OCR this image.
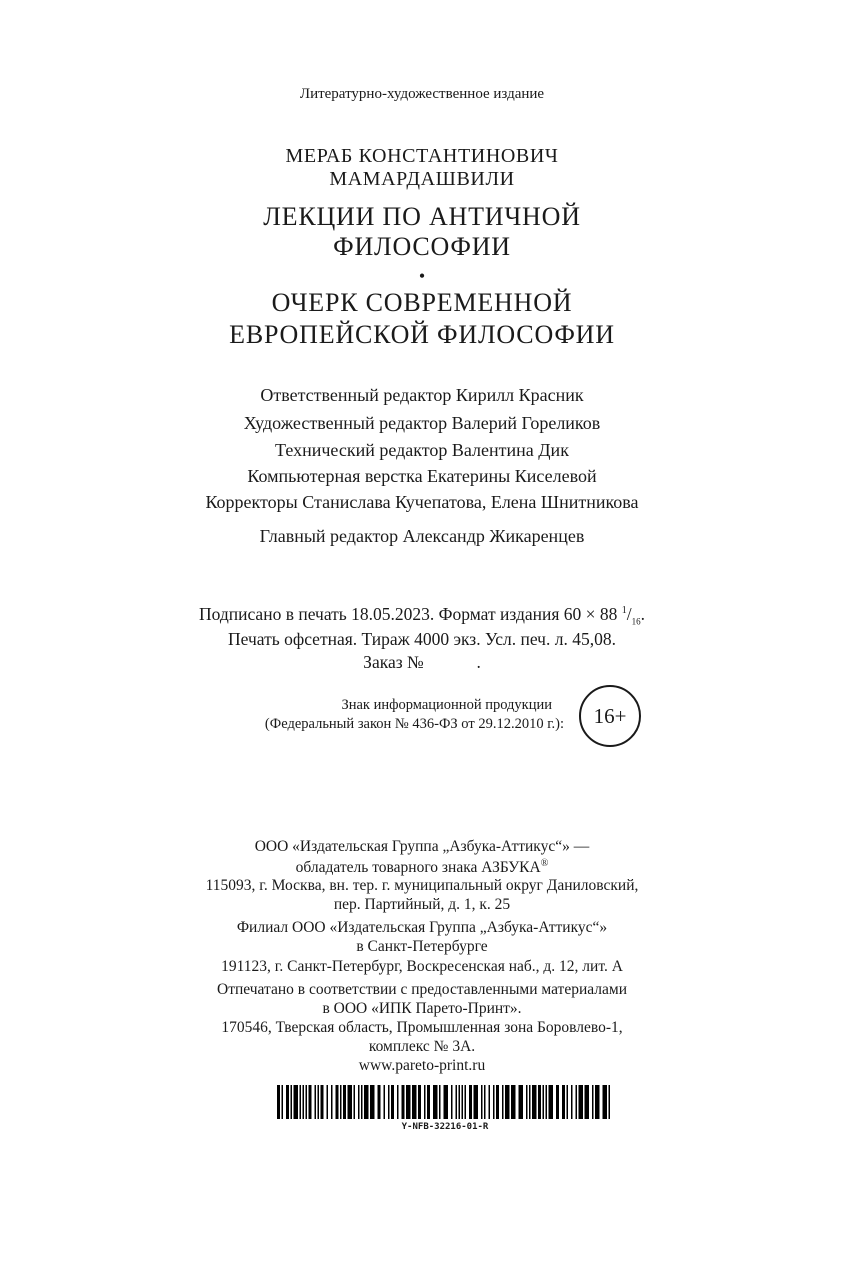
Литературно-художественное издание
МЕРАБ КОНСТАНТИНОВИЧ
МАМАРДАШВИЛИ
ЛЕКЦИИ ПО АНТИЧНОЙ
ФИЛОСОФИИ
•
ОЧЕРК СОВРЕМЕННОЙ
ЕВРОПЕЙСКОЙ ФИЛОСОФИИ
Ответственный редактор Кирилл Красник
Художественный редактор Валерий Гореликов
Технический редактор Валентина Дик
Компьютерная верстка Екатерины Киселевой
Корректоры Станислава Кучепатова, Елена Шнитникова
Главный редактор Александр Жикаренцев
Подписано в печать 18.05.2023. Формат издания 60 × 88 $^1/_{16}$.
Печать офсетная. Тираж 4000 экз. Усл. печ. л. 45,08.
Заказ №	.
Знак информационной продукции
(Федеральный закон № 436-ФЗ от 29.12.2010 г.):	16+
ООО «Издательская Группа „Азбука-Аттикус“» —
обладатель товарного знака АЗБУКА®
115093, г. Москва, вн. тер. г. муниципальный округ Даниловский,
пер. Партийный, д. 1, к. 25
Филиал ООО «Издательская Группа „Азбука-Аттикус“»
в Санкт-Петербурге
191123, г. Санкт-Петербург, Воскресенская наб., д. 12, лит. А
Отпечатано в соответствии с предоставленными материалами
в ООО «ИПК Парето-Принт».
170546, Тверская область, Промышленная зона Боровлево-1,
комплекс № 3А.
www.pareto-print.ru
Y-NFB-32216-01-R
